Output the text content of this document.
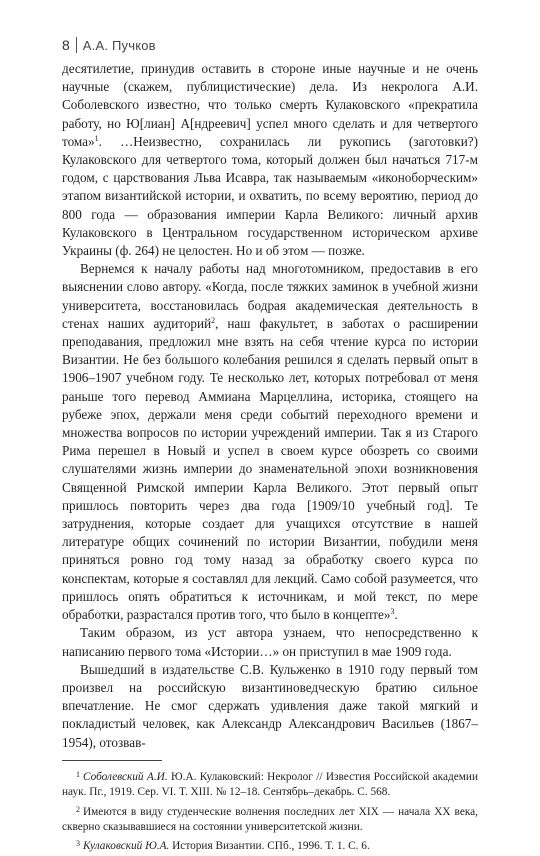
8 А.А. Пучков

десятилетие, принудив оставить в стороне иные научные и не очень научные (скажем, публицистические) дела. Из некролога А.И. Соболевского известно, что только смерть Кулаковского «прекратила работу, но Ю[лиан] А[ндреевич] успел много сделать и для четвертого тома»$^1$. …Неизвестно, сохранилась ли рукопись (заготовки?) Кулаковского для четвертого тома, который должен был начаться 717-м годом, с царствования Льва Исавра, так называемым «иконоборческим» этапом византийской истории, и охватить, по всему вероятию, период до 800 года — образования империи Карла Великого: личный архив Кулаковского в Центральном государственном историческом архиве Украины (ф. 264) не целостен. Но и об этом — позже.

Вернемся к началу работы над многотомником, предоставив в его выяснении слово автору. «Когда, после тяжких заминок в учебной жизни университета, восстановилась бодрая академическая деятельность в стенах наших аудиторий$^2$, наш факультет, в заботах о расширении преподавания, предложил мне взять на себя чтение курса по истории Византии. Не без большого колебания решился я сделать первый опыт в 1906–1907 учебном году. Те несколько лет, которых потребовал от меня раньше того перевод Аммиана Марцеллина, историка, стоящего на рубеже эпох, держали меня среди событий переходного времени и множества вопросов по истории учреждений империи. Так я из Старого Рима перешел в Новый и успел в своем курсе обозреть со своими слушателями жизнь империи до знаменательной эпохи возникновения Священной Римской империи Карла Великого. Этот первый опыт пришлось повторить через два года [1909/10 учебный год]. Те затруднения, которые создает для учащихся отсутствие в нашей литературе общих сочинений по истории Византии, побудили меня приняться ровно год тому назад за обработку своего курса по конспектам, которые я составлял для лекций. Само собой разумеется, что пришлось опять обратиться к источникам, и мой текст, по мере обработки, разрастался против того, что было в концепте»$^3$.

Таким образом, из уст автора узнаем, что непосредственно к написанию первого тома «Истории…» он приступил в мае 1909 года.

Вышедший в издательстве С.В. Кульженко в 1910 году первый том произвел на российскую византиноведческую братию сильное впечатление. Не смог сдержать удивления даже такой мягкий и покладистый человек, как Александр Александрович Васильев (1867–1954), отозвав-

$^1$ Соболевский А.И. Ю.А. Кулаковский: Некролог // Известия Российской академии наук. Пг., 1919. Сер. VI. Т. XIII. № 12–18. Сентябрь–декабрь. С. 568.

$^2$ Имеются в виду студенческие волнения последних лет XIX — начала XX века, скверно сказывавшиеся на состоянии университетской жизни.

$^3$ Кулаковский Ю.А. История Византии. СПб., 1996. Т. 1. С. 6.
